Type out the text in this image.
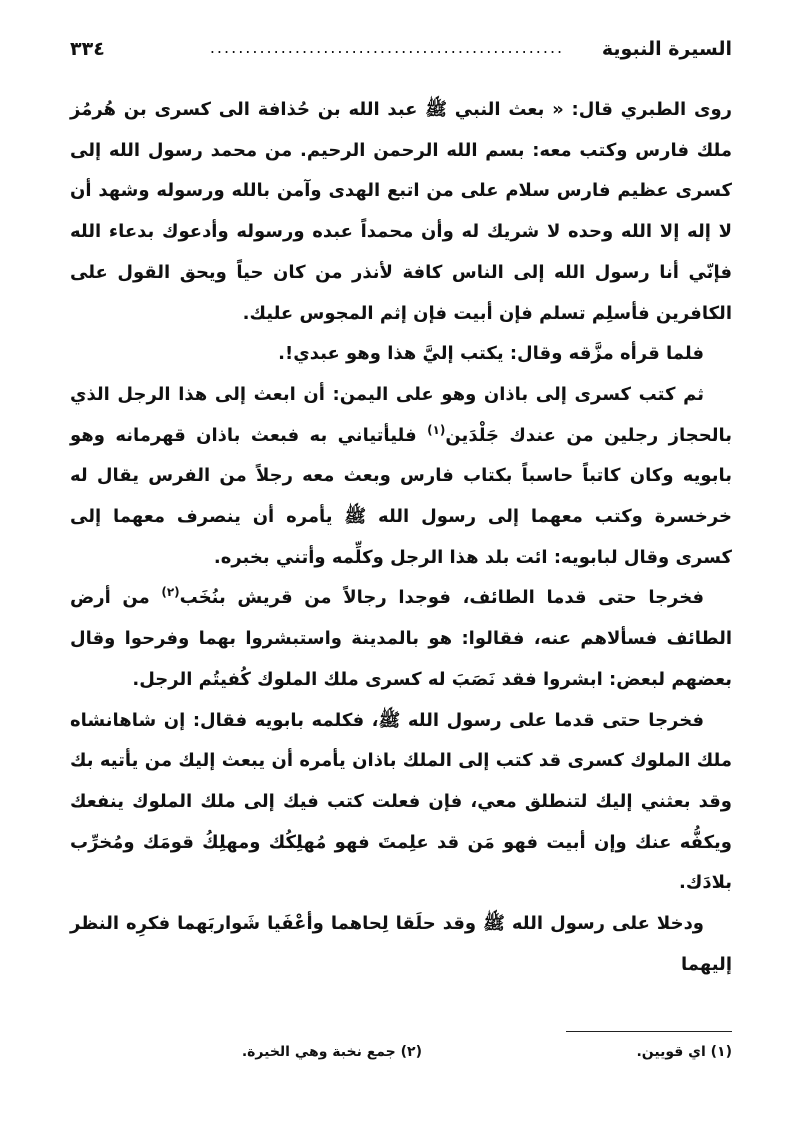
السيرة النبوية
..................................................
٣٣٤

روى الطبري قال: « بعث النبي ﷺ عبد الله بن حُذافة الى كسرى بن هُرمُز ملك فارس وكتب معه: بسم الله الرحمن الرحيم. من محمد رسول الله إلى كسرى عظيم فارس سلام على من اتبع الهدى وآمن بالله ورسوله وشهد أن لا إله إلا الله وحده لا شريك له وأن محمداً عبده ورسوله وأدعوك بدعاء الله فإنّي أنا رسول الله إلى الناس كافة لأنذر من كان حياً ويحق القول على الكافرين فأسلِم تسلم فإن أبيت فإن إثم المجوس عليك.

فلما قرأه مزَّقه وقال: يكتب إليَّ هذا وهو عبدي!.

ثم كتب كسرى إلى باذان وهو على اليمن: أن ابعث إلى هذا الرجل الذي بالحجاز رجلين من عندك جَلْدَين$^{(١)}$ فليأتياني به فبعث باذان قهرمانه وهو بابويه وكان كاتباً حاسباً بكتاب فارس وبعث معه رجلاً من الفرس يقال له خرخسرة وكتب معهما إلى رسول الله ﷺ يأمره أن ينصرف معهما إلى كسرى وقال لبابويه: ائت بلد هذا الرجل وكلِّمه وأتني بخبره.

فخرجا حتى قدما الطائف، فوجدا رجالاً من قريش بنُخَب$^{(٢)}$ من أرض الطائف فسألاهم عنه، فقالوا: هو بالمدينة واستبشروا بهما وفرحوا وقال بعضهم لبعض: ابشروا فقد نَصَبَ له كسرى ملك الملوك كُفيتُم الرجل.

فخرجا حتى قدما على رسول الله ﷺ، فكلمه بابويه فقال: إن شاهانشاه ملك الملوك كسرى قد كتب إلى الملك باذان يأمره أن يبعث إليك من يأتيه بك وقد بعثني إليك لتنطلق معي، فإن فعلت كتب فيك إلى ملك الملوك ينفعك ويكفُّه عنك وإن أبيت فهو مَن قد علِمتَ فهو مُهلِكُك ومهلِكُ قومَك ومُخرِّب بلادَك.

ودخلا على رسول الله ﷺ وقد حلَقا لِحاهما وأعْفَيا شَواربَهما فكرِه النظر إليهما

(١) اي قويين.
(٢) جمع نخبة وهي الخيرة.
